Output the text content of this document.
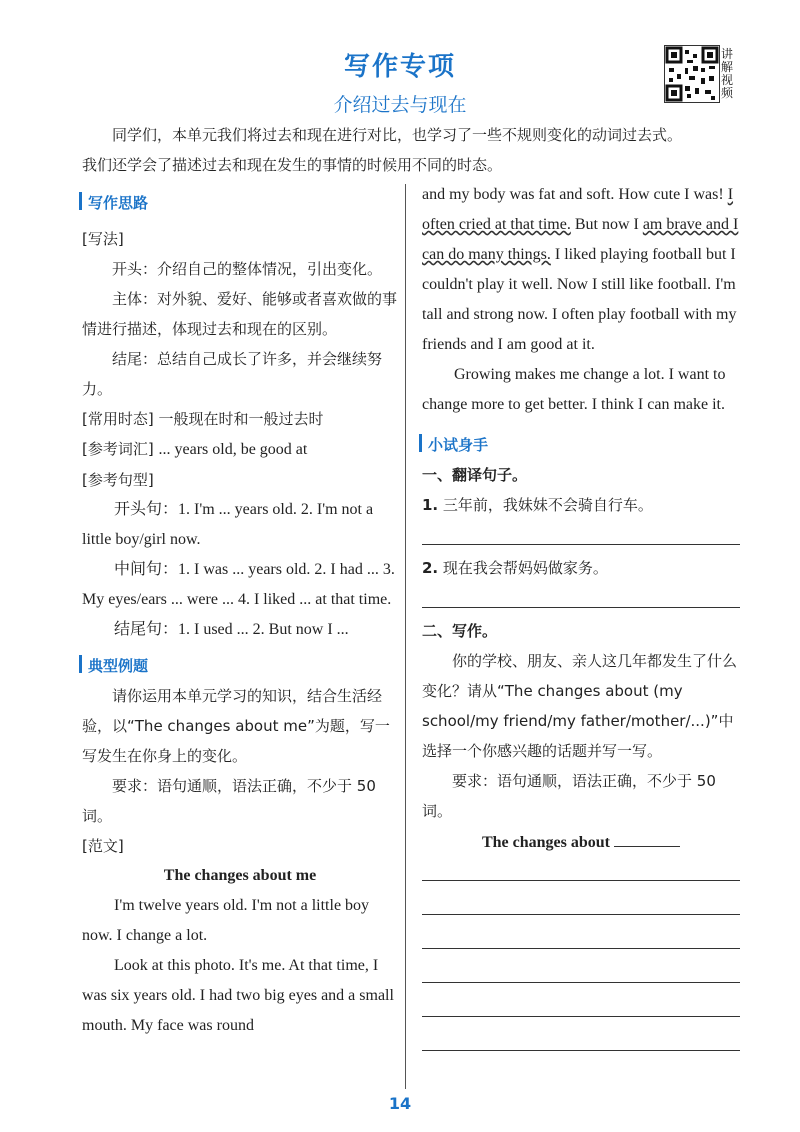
写作专项
介绍过去与现在
讲解视频
同学们，本单元我们将过去和现在进行对比，也学习了一些不规则变化的动词过去式。
我们还学会了描述过去和现在发生的事情的时候用不同的时态。

写作思路

[写法]

开头：介绍自己的整体情况，引出变化。

主体：对外貌、爱好、能够或者喜欢做的事情进行描述，体现过去和现在的区别。

结尾：总结自己成长了许多，并会继续努力。

[常用时态] 一般现在时和一般过去时

[参考词汇] ... years old, be good at

[参考句型]

开头句：1. I'm ... years old. 2. I'm not a little boy/girl now.

中间句：1. I was ... years old. 2. I had ... 3. My eyes/ears ... were ... 4. I liked ... at that time.

结尾句：1. I used ... 2. But now I ...

典型例题

请你运用本单元学习的知识，结合生活经验，以“The changes about me”为题，写一写发生在你身上的变化。

要求：语句通顺，语法正确，不少于 50 词。

[范文]

The changes about me

I'm twelve years old. I'm not a little boy now. I change a lot.

Look at this photo. It's me. At that time, I was six years old. I had two big eyes and a small mouth. My face was round

and my body was fat and soft. How cute I was! I often cried at that time. But now I am brave and I can do many things. I liked playing football but I couldn't play it well. Now I still like football. I'm tall and strong now. I often play football with my friends and I am good at it.

Growing makes me change a lot. I want to change more to get better. I think I can make it.

小试身手

一、翻译句子。

1. 三年前，我妹妹不会骑自行车。

2. 现在我会帮妈妈做家务。

二、写作。

你的学校、朋友、亲人这几年都发生了什么变化？请从“The changes about (my school/my friend/my father/mother/...)”中选择一个你感兴趣的话题并写一写。

要求：语句通顺，语法正确，不少于 50 词。

The changes about

14
